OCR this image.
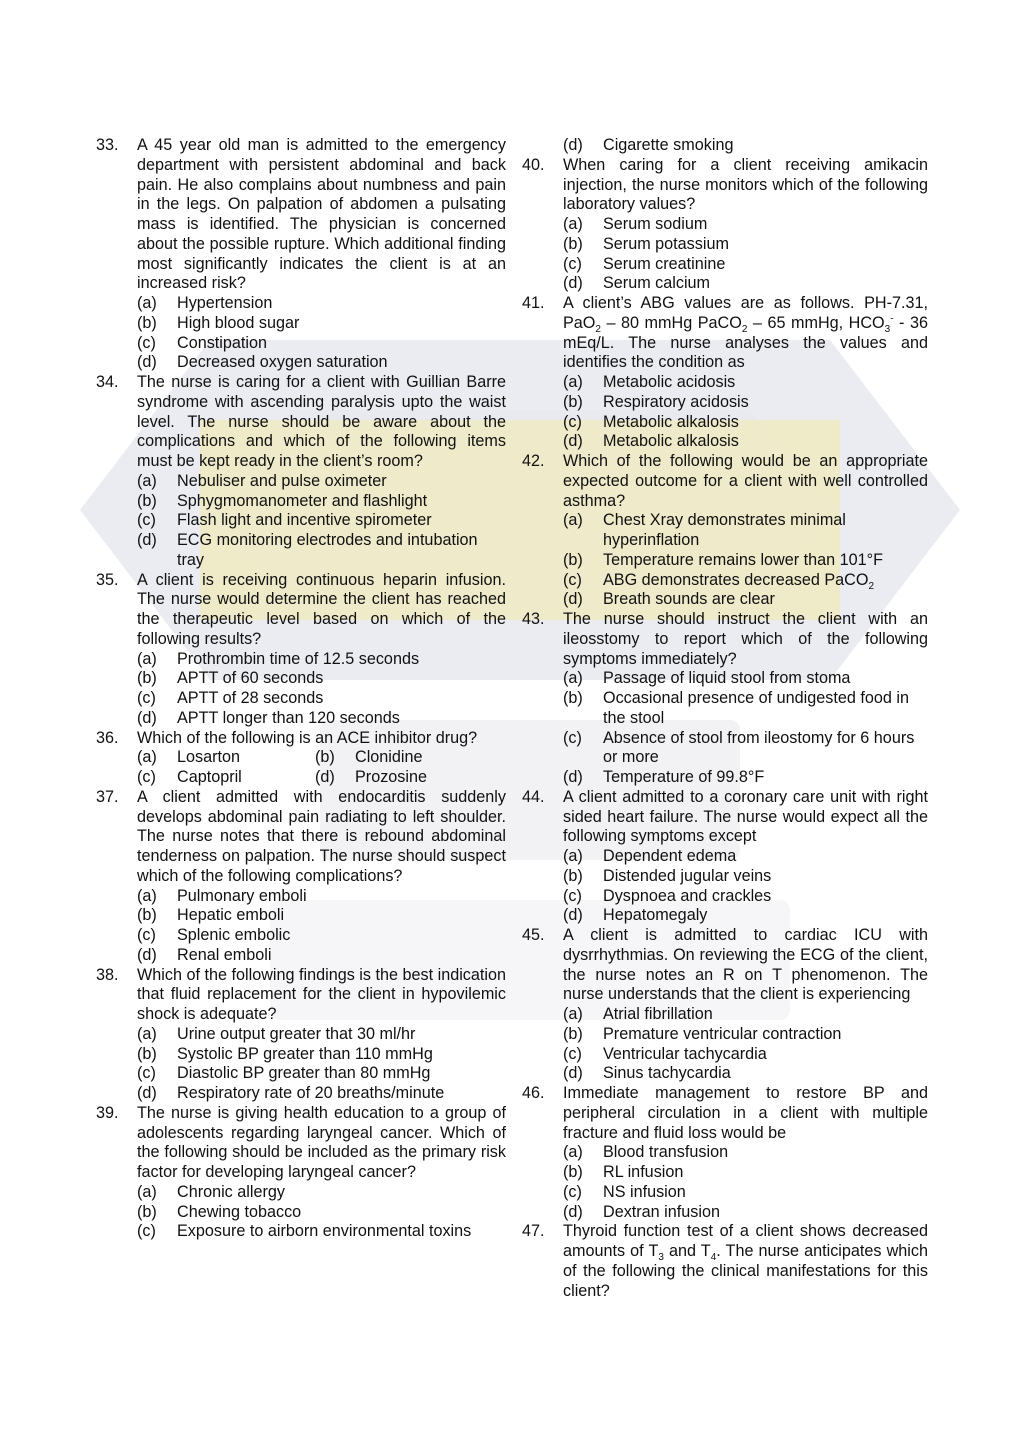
33. A 45 year old man is admitted to the emergency department with persistent abdominal and back pain. He also complains about numbness and pain in the legs. On palpation of abdomen a pulsating mass is identified. The physician is concerned about the possible rupture. Which additional finding most significantly indicates the client is at an increased risk?
(a) Hypertension
(b) High blood sugar
(c) Constipation
(d) Decreased oxygen saturation
34. The nurse is caring for a client with Guillian Barre syndrome with ascending paralysis upto the waist level. The nurse should be aware about the complications and which of the following items must be kept ready in the client’s room?
(a) Nebuliser and pulse oximeter
(b) Sphygmomanometer and flashlight
(c) Flash light and incentive spirometer
(d) ECG monitoring electrodes and intubation tray
35. A client is receiving continuous heparin infusion. The nurse would determine the client has reached the therapeutic level based on which of the following results?
(a) Prothrombin time of 12.5 seconds
(b) APTT of 60 seconds
(c) APTT of 28 seconds
(d) APTT longer than 120 seconds
36. Which of the following is an ACE inhibitor drug?
(a) Losarton	(b) Clonidine
(c) Captopril	(d) Prozosine
37. A client admitted with endocarditis suddenly develops abdominal pain radiating to left shoulder. The nurse notes that there is rebound abdominal tenderness on palpation. The nurse should suspect which of the following complications?
(a) Pulmonary emboli
(b) Hepatic emboli
(c) Splenic embolic
(d) Renal emboli
38. Which of the following findings is the best indication that fluid replacement for the client in hypovilemic shock is adequate?
(a) Urine output greater that 30 ml/hr
(b) Systolic BP greater than 110 mmHg
(c) Diastolic BP greater than 80 mmHg
(d) Respiratory rate of 20 breaths/minute
39. The nurse is giving health education to a group of adolescents regarding laryngeal cancer. Which of the following should be included as the primary risk factor for developing laryngeal cancer?
(a) Chronic allergy
(b) Chewing tobacco
(c) Exposure to airborn environmental toxins
(d) Cigarette smoking
40. When caring for a client receiving amikacin injection, the nurse monitors which of the following laboratory values?
(a) Serum sodium
(b) Serum potassium
(c) Serum creatinine
(d) Serum calcium
41. A client’s ABG values are as follows. PH-7.31, PaO$_2$ – 80 mmHg PaCO$_2$ – 65 mmHg, $HCO_3^- - 36$ mEq/L. The nurse analyses the values and identifies the condition as
(a) Metabolic acidosis
(b) Respiratory acidosis
(c) Metabolic alkalosis
(d) Metabolic alkalosis
42. Which of the following would be an appropriate expected outcome for a client with well controlled asthma?
(a) Chest Xray demonstrates minimal hyperinflation
(b) Temperature remains lower than 101°F
(c) ABG demonstrates decreased PaCO$_2$
(d) Breath sounds are clear
43. The nurse should instruct the client with an ileosstomy to report which of the following symptoms immediately?
(a) Passage of liquid stool from stoma
(b) Occasional presence of undigested food in the stool
(c) Absence of stool from ileostomy for 6 hours or more
(d) Temperature of 99.8°F
44. A client admitted to a coronary care unit with right sided heart failure. The nurse would expect all the following symptoms except
(a) Dependent edema
(b) Distended jugular veins
(c) Dyspnoea and crackles
(d) Hepatomegaly
45. A client is admitted to cardiac ICU with dysrrhythmias. On reviewing the ECG of the client, the nurse notes an R on T phenomenon. The nurse understands that the client is experiencing
(a) Atrial fibrillation
(b) Premature ventricular contraction
(c) Ventricular tachycardia
(d) Sinus tachycardia
46. Immediate management to restore BP and peripheral circulation in a client with multiple fracture and fluid loss would be
(a) Blood transfusion
(b) RL infusion
(c) NS infusion
(d) Dextran infusion
47. Thyroid function test of a client shows decreased amounts of $T_3$ and $T_4$. The nurse anticipates which of the following the clinical manifestations for this client?
